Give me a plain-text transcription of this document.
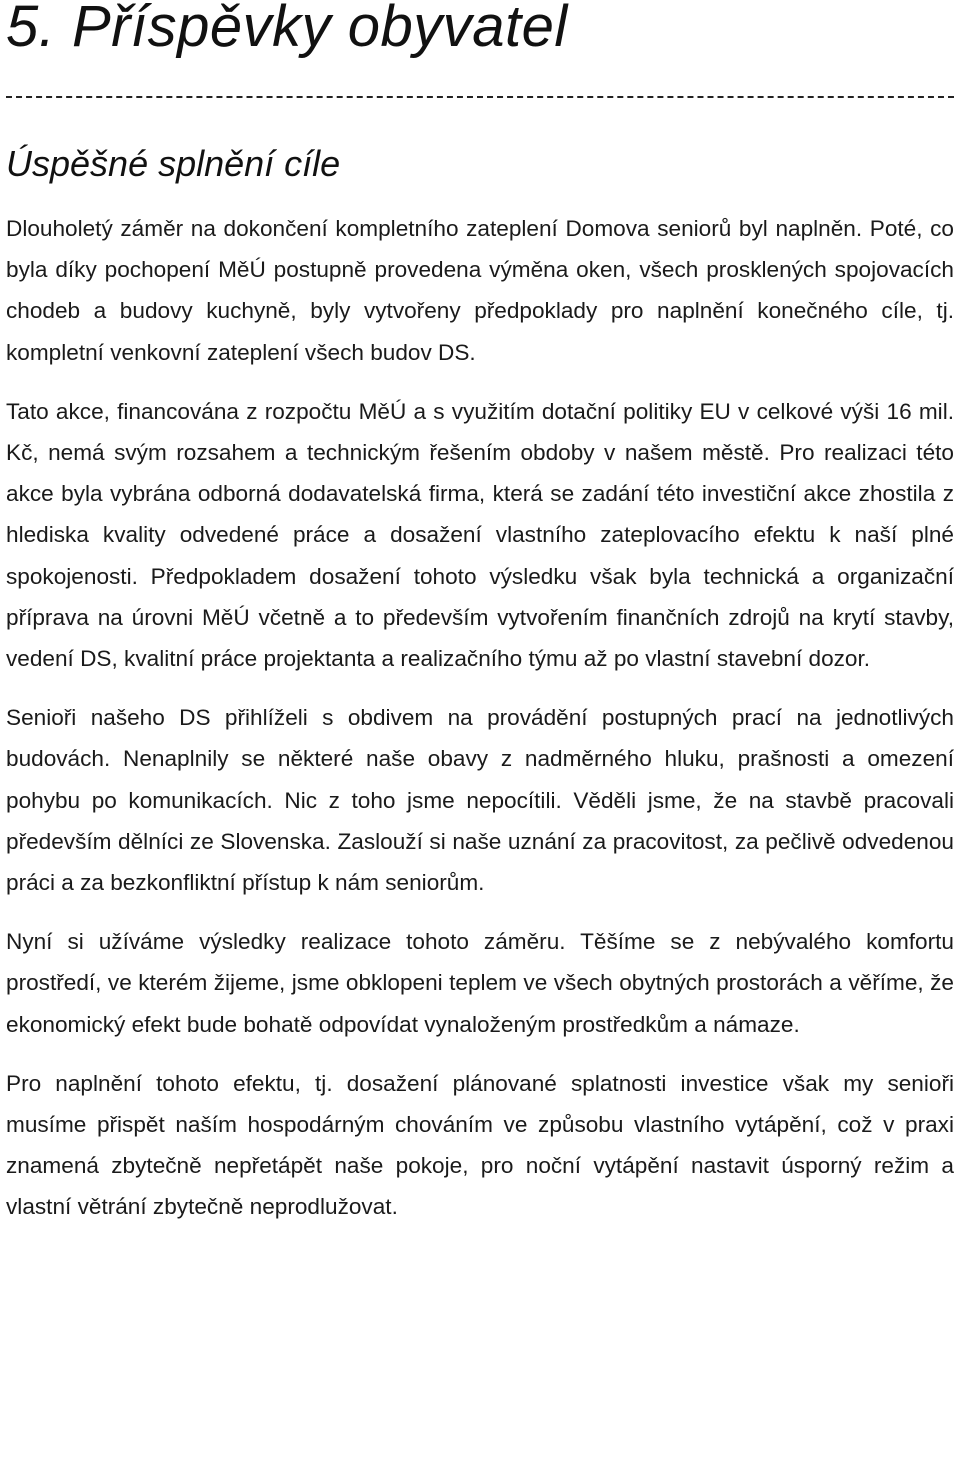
5. Příspěvky obyvatel
Úspěšné splnění cíle

Dlouholetý záměr na dokončení kompletního zateplení Domova seniorů byl naplněn. Poté, co byla díky pochopení MěÚ postupně provedena výměna oken, všech prosklených spojovacích chodeb a budovy kuchyně, byly vytvořeny předpoklady pro naplnění konečného cíle, tj. kompletní venkovní zateplení všech budov DS.

Tato akce, financována z rozpočtu MěÚ a s využitím dotační politiky EU v celkové výši 16 mil. Kč, nemá svým rozsahem a technickým řešením obdoby v našem městě. Pro realizaci této akce byla vybrána odborná dodavatelská firma, která se zadání této investiční akce zhostila z hlediska kvality odvedené práce a dosažení vlastního zateplovacího efektu k naší plné spokojenosti. Předpokladem dosažení tohoto výsledku však byla technická a organizační příprava na úrovni MěÚ včetně a to především vytvořením finančních zdrojů na krytí stavby, vedení DS, kvalitní práce projektanta a realizačního týmu až po vlastní stavební dozor.

Senioři našeho DS přihlíželi s obdivem na provádění postupných prací na jednotlivých budovách. Nenaplnily se některé naše obavy z nadměrného hluku, prašnosti a omezení pohybu po komunikacích. Nic z toho jsme nepocítili. Věděli jsme, že na stavbě pracovali především dělníci ze Slovenska. Zaslouží si naše uznání za pracovitost, za pečlivě odvedenou práci a za bezkonfliktní přístup k nám seniorům.

Nyní si užíváme výsledky realizace tohoto záměru. Těšíme se z nebývalého komfortu prostředí, ve kterém žijeme, jsme obklopeni teplem ve všech obytných prostorách a věříme, že ekonomický efekt bude bohatě odpovídat vynaloženým prostředkům a námaze.

Pro naplnění tohoto efektu, tj. dosažení plánované splatnosti investice však my senioři musíme přispět naším hospodárným chováním ve způsobu vlastního vytápění, což v praxi znamená zbytečně nepřetápět naše pokoje, pro noční vytápění nastavit úsporný režim a vlastní větrání zbytečně neprodlužovat.
